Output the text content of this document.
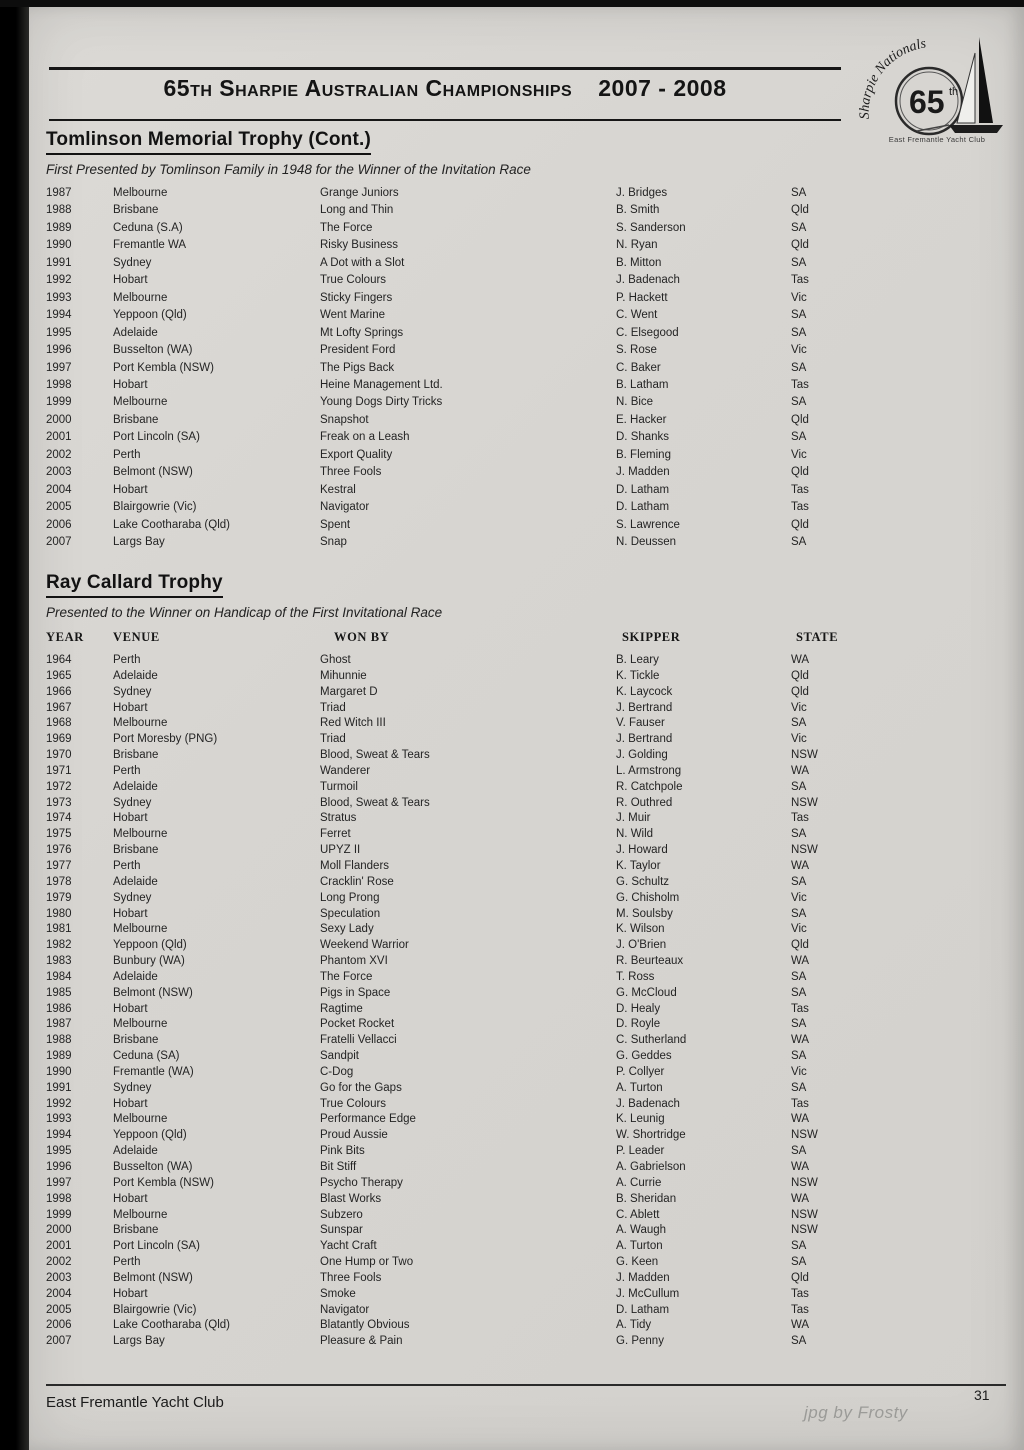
65th Sharpie Australian Championships 2007 - 2008
Sharpie Nationals
65 th
East Fremantle Yacht Club
Tomlinson Memorial Trophy (Cont.)
First Presented by Tomlinson Family in 1948 for the Winner of the Invitation Race
1987	Melbourne	Grange Juniors	J. Bridges	SA
1988	Brisbane	Long and Thin	B. Smith	Qld
1989	Ceduna (S.A)	The Force	S. Sanderson	SA
1990	Fremantle WA	Risky Business	N. Ryan	Qld
1991	Sydney	A Dot with a Slot	B. Mitton	SA
1992	Hobart	True Colours	J. Badenach	Tas
1993	Melbourne	Sticky Fingers	P. Hackett	Vic
1994	Yeppoon (Qld)	Went Marine	C. Went	SA
1995	Adelaide	Mt Lofty Springs	C. Elsegood	SA
1996	Busselton (WA)	President Ford	S. Rose	Vic
1997	Port Kembla (NSW)	The Pigs Back	C. Baker	SA
1998	Hobart	Heine Management Ltd.	B. Latham	Tas
1999	Melbourne	Young Dogs Dirty Tricks	N. Bice	SA
2000	Brisbane	Snapshot	E. Hacker	Qld
2001	Port Lincoln (SA)	Freak on a Leash	D. Shanks	SA
2002	Perth	Export Quality	B. Fleming	Vic
2003	Belmont (NSW)	Three Fools	J. Madden	Qld
2004	Hobart	Kestral	D. Latham	Tas
2005	Blairgowrie (Vic)	Navigator	D. Latham	Tas
2006	Lake Cootharaba (Qld)	Spent	S. Lawrence	Qld
2007	Largs Bay	Snap	N. Deussen	SA
Ray Callard Trophy
Presented to the Winner on Handicap of the First Invitational Race
YEAR	VENUE	WON BY	SKIPPER	STATE
1964	Perth	Ghost	B. Leary	WA
1965	Adelaide	Mihunnie	K. Tickle	Qld
1966	Sydney	Margaret D	K. Laycock	Qld
1967	Hobart	Triad	J. Bertrand	Vic
1968	Melbourne	Red Witch III	V. Fauser	SA
1969	Port Moresby (PNG)	Triad	J. Bertrand	Vic
1970	Brisbane	Blood, Sweat & Tears	J. Golding	NSW
1971	Perth	Wanderer	L. Armstrong	WA
1972	Adelaide	Turmoil	R. Catchpole	SA
1973	Sydney	Blood, Sweat & Tears	R. Outhred	NSW
1974	Hobart	Stratus	J. Muir	Tas
1975	Melbourne	Ferret	N. Wild	SA
1976	Brisbane	UPYZ II	J. Howard	NSW
1977	Perth	Moll Flanders	K. Taylor	WA
1978	Adelaide	Cracklin' Rose	G. Schultz	SA
1979	Sydney	Long Prong	G. Chisholm	Vic
1980	Hobart	Speculation	M. Soulsby	SA
1981	Melbourne	Sexy Lady	K. Wilson	Vic
1982	Yeppoon (Qld)	Weekend Warrior	J. O'Brien	Qld
1983	Bunbury (WA)	Phantom XVI	R. Beurteaux	WA
1984	Adelaide	The Force	T. Ross	SA
1985	Belmont (NSW)	Pigs in Space	G. McCloud	SA
1986	Hobart	Ragtime	D. Healy	Tas
1987	Melbourne	Pocket Rocket	D. Royle	SA
1988	Brisbane	Fratelli Vellacci	C. Sutherland	WA
1989	Ceduna (SA)	Sandpit	G. Geddes	SA
1990	Fremantle (WA)	C-Dog	P. Collyer	Vic
1991	Sydney	Go for the Gaps	A. Turton	SA
1992	Hobart	True Colours	J. Badenach	Tas
1993	Melbourne	Performance Edge	K. Leunig	WA
1994	Yeppoon (Qld)	Proud Aussie	W. Shortridge	NSW
1995	Adelaide	Pink Bits	P. Leader	SA
1996	Busselton (WA)	Bit Stiff	A. Gabrielson	WA
1997	Port Kembla (NSW)	Psycho Therapy	A. Currie	NSW
1998	Hobart	Blast Works	B. Sheridan	WA
1999	Melbourne	Subzero	C. Ablett	NSW
2000	Brisbane	Sunspar	A. Waugh	NSW
2001	Port Lincoln (SA)	Yacht Craft	A. Turton	SA
2002	Perth	One Hump or Two	G. Keen	SA
2003	Belmont (NSW)	Three Fools	J. Madden	Qld
2004	Hobart	Smoke	J. McCullum	Tas
2005	Blairgowrie (Vic)	Navigator	D. Latham	Tas
2006	Lake Cootharaba (Qld)	Blatantly Obvious	A. Tidy	WA
2007	Largs Bay	Pleasure & Pain	G. Penny	SA
East Fremantle Yacht Club	31
jpg by Frosty
